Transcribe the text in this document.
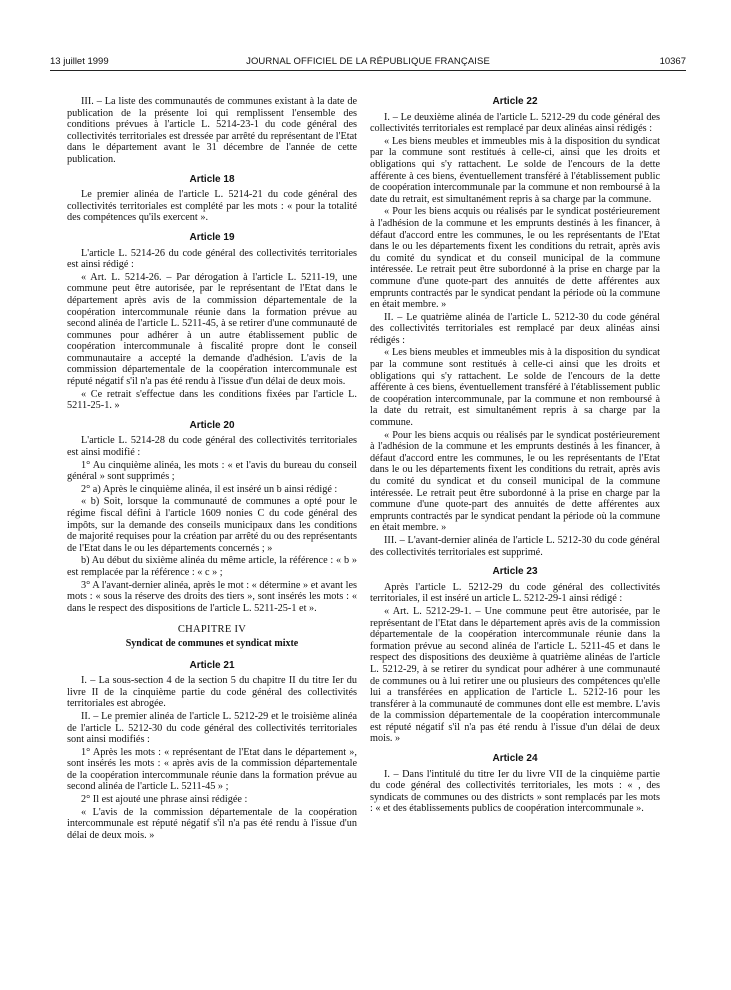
13 juillet 1999	JOURNAL OFFICIEL DE LA RÉPUBLIQUE FRANÇAISE	10367

III. – La liste des communautés de communes existant à la date de publication de la présente loi qui remplissent l'ensemble des conditions prévues à l'article L. 5214-23-1 du code général des collectivités territoriales est dressée par arrêté du représentant de l'Etat dans le département avant le 31 décembre de l'année de cette publication.

Article 18

Le premier alinéa de l'article L. 5214-21 du code général des collectivités territoriales est complété par les mots : « pour la totalité des compétences qu'ils exercent ».

Article 19

L'article L. 5214-26 du code général des collectivités territoriales est ainsi rédigé :

« Art. L. 5214-26. – Par dérogation à l'article L. 5211-19, une commune peut être autorisée, par le représentant de l'Etat dans le département après avis de la commission départementale de la coopération intercommunale réunie dans la formation prévue au second alinéa de l'article L. 5211-45, à se retirer d'une communauté de communes pour adhérer à un autre établissement public de coopération intercommunale à fiscalité propre dont le conseil communautaire a accepté la demande d'adhésion. L'avis de la commission départementale de la coopération intercommunale est réputé négatif s'il n'a pas été rendu à l'issue d'un délai de deux mois.

« Ce retrait s'effectue dans les conditions fixées par l'article L. 5211-25-1. »

Article 20

L'article L. 5214-28 du code général des collectivités territoriales est ainsi modifié :

1° Au cinquième alinéa, les mots : « et l'avis du bureau du conseil général » sont supprimés ;

2° a) Après le cinquième alinéa, il est inséré un b ainsi rédigé :

« b) Soit, lorsque la communauté de communes a opté pour le régime fiscal défini à l'article 1609 nonies C du code général des impôts, sur la demande des conseils municipaux dans les conditions de majorité requises pour la création par arrêté du ou des représentants de l'Etat dans le ou les départements concernés ; »

b) Au début du sixième alinéa du même article, la référence : « b » est remplacée par la référence : « c » ;

3° A l'avant-dernier alinéa, après le mot : « détermine » et avant les mots : « sous la réserve des droits des tiers », sont insérés les mots : « dans le respect des dispositions de l'article L. 5211-25-1 et ».

CHAPITRE IV
Syndicat de communes et syndicat mixte
Article 21

I. – La sous-section 4 de la section 5 du chapitre II du titre Ier du livre II de la cinquième partie du code général des collectivités territoriales est abrogée.

II. – Le premier alinéa de l'article L. 5212-29 et le troisième alinéa de l'article L. 5212-30 du code général des collectivités territoriales sont ainsi modifiés :

1° Après les mots : « représentant de l'Etat dans le département », sont insérés les mots : « après avis de la commission départementale de la coopération intercommunale réunie dans la formation prévue au second alinéa de l'article L. 5211-45 » ;

2° Il est ajouté une phrase ainsi rédigée :

« L'avis de la commission départementale de la coopération intercommunale est réputé négatif s'il n'a pas été rendu à l'issue d'un délai de deux mois. »

Article 22

I. – Le deuxième alinéa de l'article L. 5212-29 du code général des collectivités territoriales est remplacé par deux alinéas ainsi rédigés :

« Les biens meubles et immeubles mis à la disposition du syndicat par la commune sont restitués à celle-ci, ainsi que les droits et obligations qui s'y rattachent. Le solde de l'encours de la dette afférente à ces biens, éventuellement transféré à l'établissement public de coopération intercommunale par la commune et non remboursé à la date du retrait, est simultanément repris à sa charge par la commune.

« Pour les biens acquis ou réalisés par le syndicat postérieurement à l'adhésion de la commune et les emprunts destinés à les financer, à défaut d'accord entre les communes, le ou les représentants de l'Etat dans le ou les départements fixent les conditions du retrait, après avis du comité du syndicat et du conseil municipal de la commune intéressée. Le retrait peut être subordonné à la prise en charge par la commune d'une quote-part des annuités de dette afférentes aux emprunts contractés par le syndicat pendant la période où la commune en était membre. »

II. – Le quatrième alinéa de l'article L. 5212-30 du code général des collectivités territoriales est remplacé par deux alinéas ainsi rédigés :

« Les biens meubles et immeubles mis à la disposition du syndicat par la commune sont restitués à celle-ci ainsi que les droits et obligations qui s'y rattachent. Le solde de l'encours de la dette afférente à ces biens, éventuellement transféré à l'établissement public de coopération intercommunale, par la commune et non remboursé à la date du retrait, est simultanément repris à sa charge par la commune.

« Pour les biens acquis ou réalisés par le syndicat postérieurement à l'adhésion de la commune et les emprunts destinés à les financer, à défaut d'accord entre les communes, le ou les représentants de l'Etat dans le ou les départements fixent les conditions du retrait, après avis du comité du syndicat et du conseil municipal de la commune intéressée. Le retrait peut être subordonné à la prise en charge par la commune d'une quote-part des annuités de dette afférentes aux emprunts contractés par le syndicat pendant la période où la commune en était membre. »

III. – L'avant-dernier alinéa de l'article L. 5212-30 du code général des collectivités territoriales est supprimé.

Article 23

Après l'article L. 5212-29 du code général des collectivités territoriales, il est inséré un article L. 5212-29-1 ainsi rédigé :

« Art. L. 5212-29-1. – Une commune peut être autorisée, par le représentant de l'Etat dans le département après avis de la commission départementale de la coopération intercommunale réunie dans la formation prévue au second alinéa de l'article L. 5211-45 et dans le respect des dispositions des deuxième à quatrième alinéas de l'article L. 5212-29, à se retirer du syndicat pour adhérer à une communauté de communes ou à lui retirer une ou plusieurs des compétences qu'elle lui a transférées en application de l'article L. 5212-16 pour les transférer à la communauté de communes dont elle est membre. L'avis de la commission départementale de la coopération intercommunale est réputé négatif s'il n'a pas été rendu à l'issue d'un délai de deux mois. »

Article 24

I. – Dans l'intitulé du titre Ier du livre VII de la cinquième partie du code général des collectivités territoriales, les mots : « , des syndicats de communes ou des districts » sont remplacés par les mots : « et des établissements publics de coopération intercommunale ».
